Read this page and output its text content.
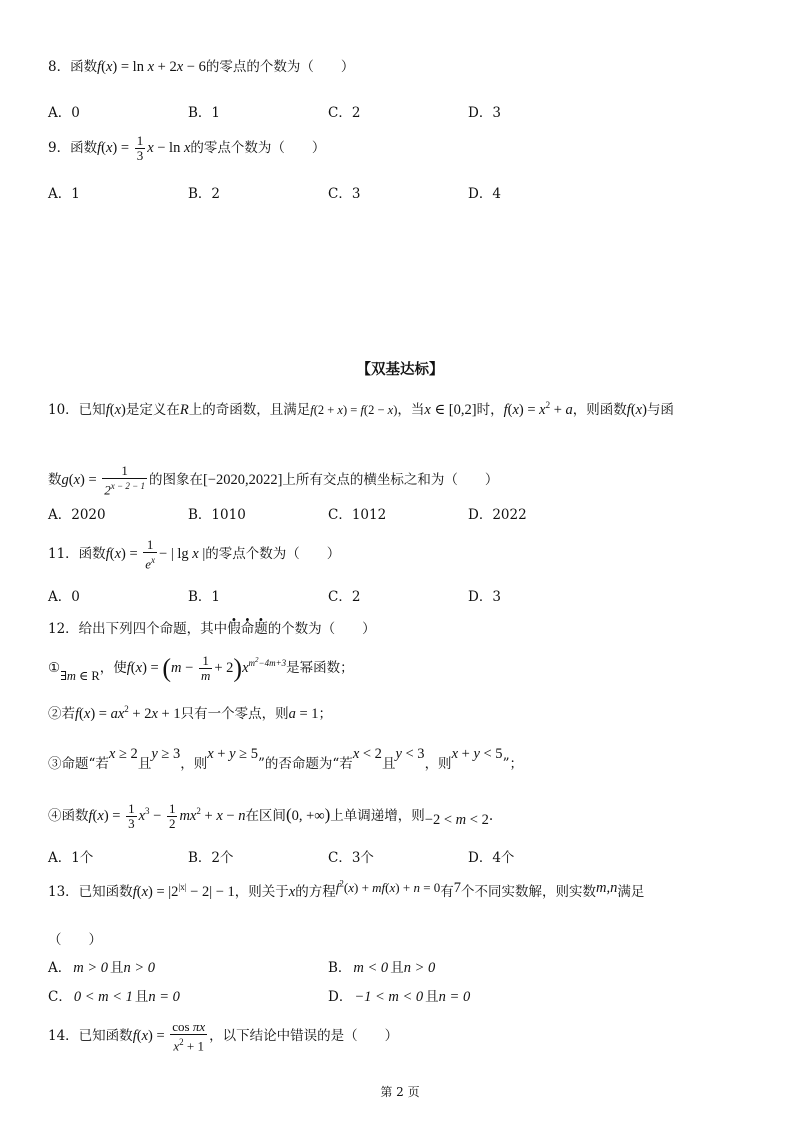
8．函数f(x) = ln x + 2x − 6的零点的个数为（　　）
A．0	B．1	C．2	D．3
9．函数$f(x) = \frac{1}{3}$ x − ln x的零点个数为（　　）
A．1	B．2	C．3	D．4
【双基达标】
10．已知f(x)是定义在R上的奇函数，且满足f(2 + x) = f(2 − x)，当x ∈ [0,2]时，$f(x) = x^2 + a$，则函数f(x)与函
数$g(x) = \frac{1}{2^{x - 2 - 1}}$ 的图象在[−2020,2022]上所有交点的横坐标之和为（　　）
A．2020	B．1010	C．1012	D．2022
11．函数$f(x) = \frac{1}{e^x}$ − | lg x |的零点个数为（　　）
A．0	B．1	C．2	D．3
12．给出下列四个命题，其中假命题的个数为（　　）
①∃m ∈ R，使$f(x) = (m - \frac{1}{m} + 2)x^{m^2-4m+3}$是幂函数；
②若$f(x) = ax^2 + 2x + 1$只有一个零点，则a = 1；
③命题“若x ≥ 2且y ≥ 3，则x + y ≥ 5”的否命题为“若x < 2且y < 3，则x + y < 5”；
④函数$f(x) = \frac{1}{3} x^3 - \frac{1}{2} mx^2 + x - n$在区间(0, +∞)上单调递增，则−2 < m < 2.
A．1个	B．2个	C．3个	D．4个
13．已知函数$f(x) = |2^{|x|} - 2| - 1$，则关于x的方程$f^2(x) + mf(x) + n = 0$有7个不同实数解，则实数m,n满足
（　　）
A． m > 0 且n > 0	B． m < 0 且n > 0
C． 0 < m < 1 且n = 0	D． −1 < m < 0 且n = 0
14．已知函数$f(x) = \frac{\text{cos πx}}{x^2 + 1}$ ，以下结论中错误的是（　　）
第 2 页
